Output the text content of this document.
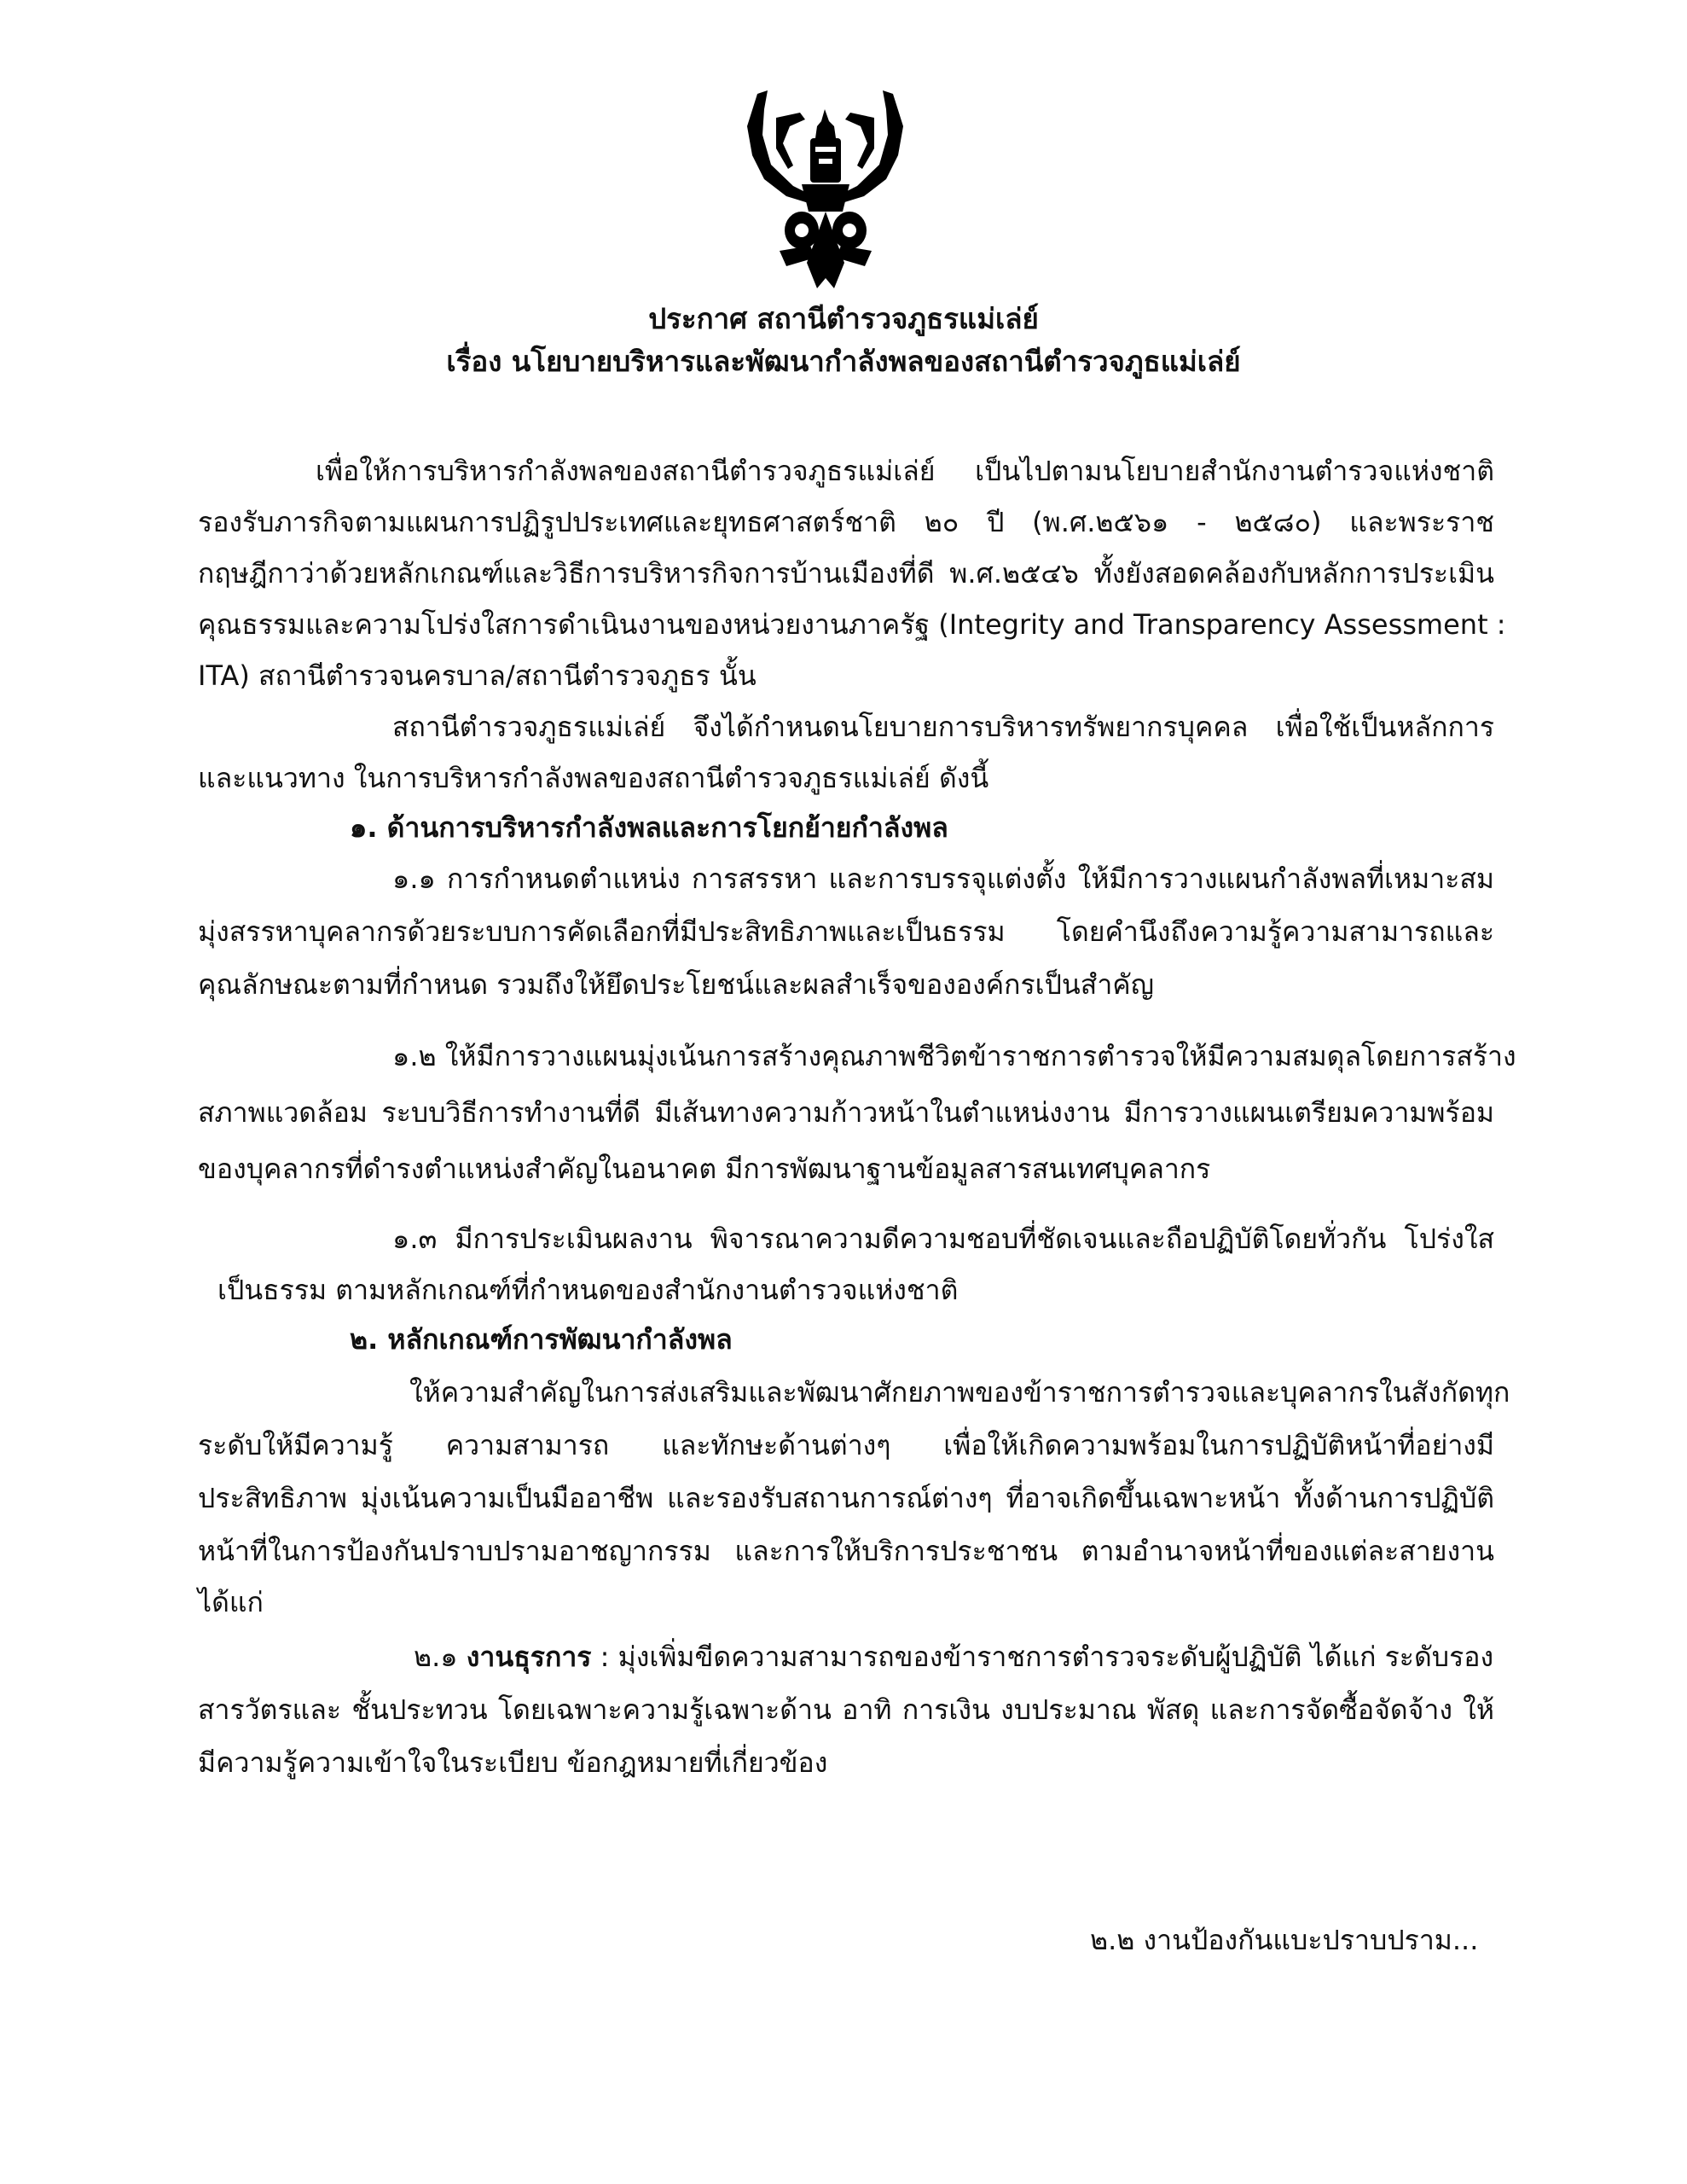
ประกาศ สถานีตำรวจภูธรแม่เล่ย์
เรื่อง นโยบายบริหารและพัฒนากำลังพลของสถานีตำรวจภูธแม่เล่ย์
เพื่อให้การบริหารกำลังพลของสถานีตำรวจภูธรแม่เล่ย์ เป็นไปตามนโยบายสำนักงานตำรวจแห่งชาติ
รองรับภารกิจตามแผนการปฏิรูปประเทศและยุทธศาสตร์ชาติ ๒๐ ปี (พ.ศ.๒๕๖๑ - ๒๕๘๐) และพระราช
กฤษฎีกาว่าด้วยหลักเกณฑ์และวิธีการบริหารกิจการบ้านเมืองที่ดี พ.ศ.๒๕๔๖ ทั้งยังสอดคล้องกับหลักการประเมิน
คุณธรรมและความโปร่งใสการดำเนินงานของหน่วยงานภาครัฐ (Integrity and Transparency Assessment :
ITA) สถานีตำรวจนครบาล/สถานีตำรวจภูธร นั้น
สถานีตำรวจภูธรแม่เล่ย์ จึงได้กำหนดนโยบายการบริหารทรัพยากรบุคคล เพื่อใช้เป็นหลักการ
และแนวทาง ในการบริหารกำลังพลของสถานีตำรวจภูธรแม่เล่ย์ ดังนี้
๑. ด้านการบริหารกำลังพลและการโยกย้ายกำลังพล
๑.๑ การกำหนดตำแหน่ง การสรรหา และการบรรจุแต่งตั้ง ให้มีการวางแผนกำลังพลที่เหมาะสม
มุ่งสรรหาบุคลากรด้วยระบบการคัดเลือกที่มีประสิทธิภาพและเป็นธรรม โดยคำนึงถึงความรู้ความสามารถและ
คุณลักษณะตามที่กำหนด รวมถึงให้ยึดประโยชน์และผลสำเร็จขององค์กรเป็นสำคัญ
๑.๒ ให้มีการวางแผนมุ่งเน้นการสร้างคุณภาพชีวิตข้าราชการตำรวจให้มีความสมดุลโดยการสร้าง
สภาพแวดล้อม ระบบวิธีการทำงานที่ดี มีเส้นทางความก้าวหน้าในตำแหน่งงาน มีการวางแผนเตรียมความพร้อม
ของบุคลากรที่ดำรงตำแหน่งสำคัญในอนาคต มีการพัฒนาฐานข้อมูลสารสนเทศบุคลากร
๑.๓ มีการประเมินผลงาน พิจารณาความดีความชอบที่ชัดเจนและถือปฏิบัติโดยทั่วกัน โปร่งใส
เป็นธรรม ตามหลักเกณฑ์ที่กำหนดของสำนักงานตำรวจแห่งชาติ
๒. หลักเกณฑ์การพัฒนากำลังพล
ให้ความสำคัญในการส่งเสริมและพัฒนาศักยภาพของข้าราชการตำรวจและบุคลากรในสังกัดทุก
ระดับให้มีความรู้ ความสามารถ และทักษะด้านต่างๆ เพื่อให้เกิดความพร้อมในการปฏิบัติหน้าที่อย่างมี
ประสิทธิภาพ มุ่งเน้นความเป็นมืออาชีพ และรองรับสถานการณ์ต่างๆ ที่อาจเกิดขึ้นเฉพาะหน้า ทั้งด้านการปฏิบัติ
หน้าที่ในการป้องกันปราบปรามอาชญากรรม และการให้บริการประชาชน ตามอำนาจหน้าที่ของแต่ละสายงาน
ได้แก่
๒.๑ งานธุรการ : มุ่งเพิ่มขีดความสามารถของข้าราชการตำรวจระดับผู้ปฏิบัติ ได้แก่ ระดับรอง
สารวัตรและ ชั้นประทวน โดยเฉพาะความรู้เฉพาะด้าน อาทิ การเงิน งบประมาณ พัสดุ และการจัดซื้อจัดจ้าง ให้
มีความรู้ความเข้าใจในระเบียบ ข้อกฎหมายที่เกี่ยวข้อง
๒.๒ งานป้องกันแบะปราบปราม...
